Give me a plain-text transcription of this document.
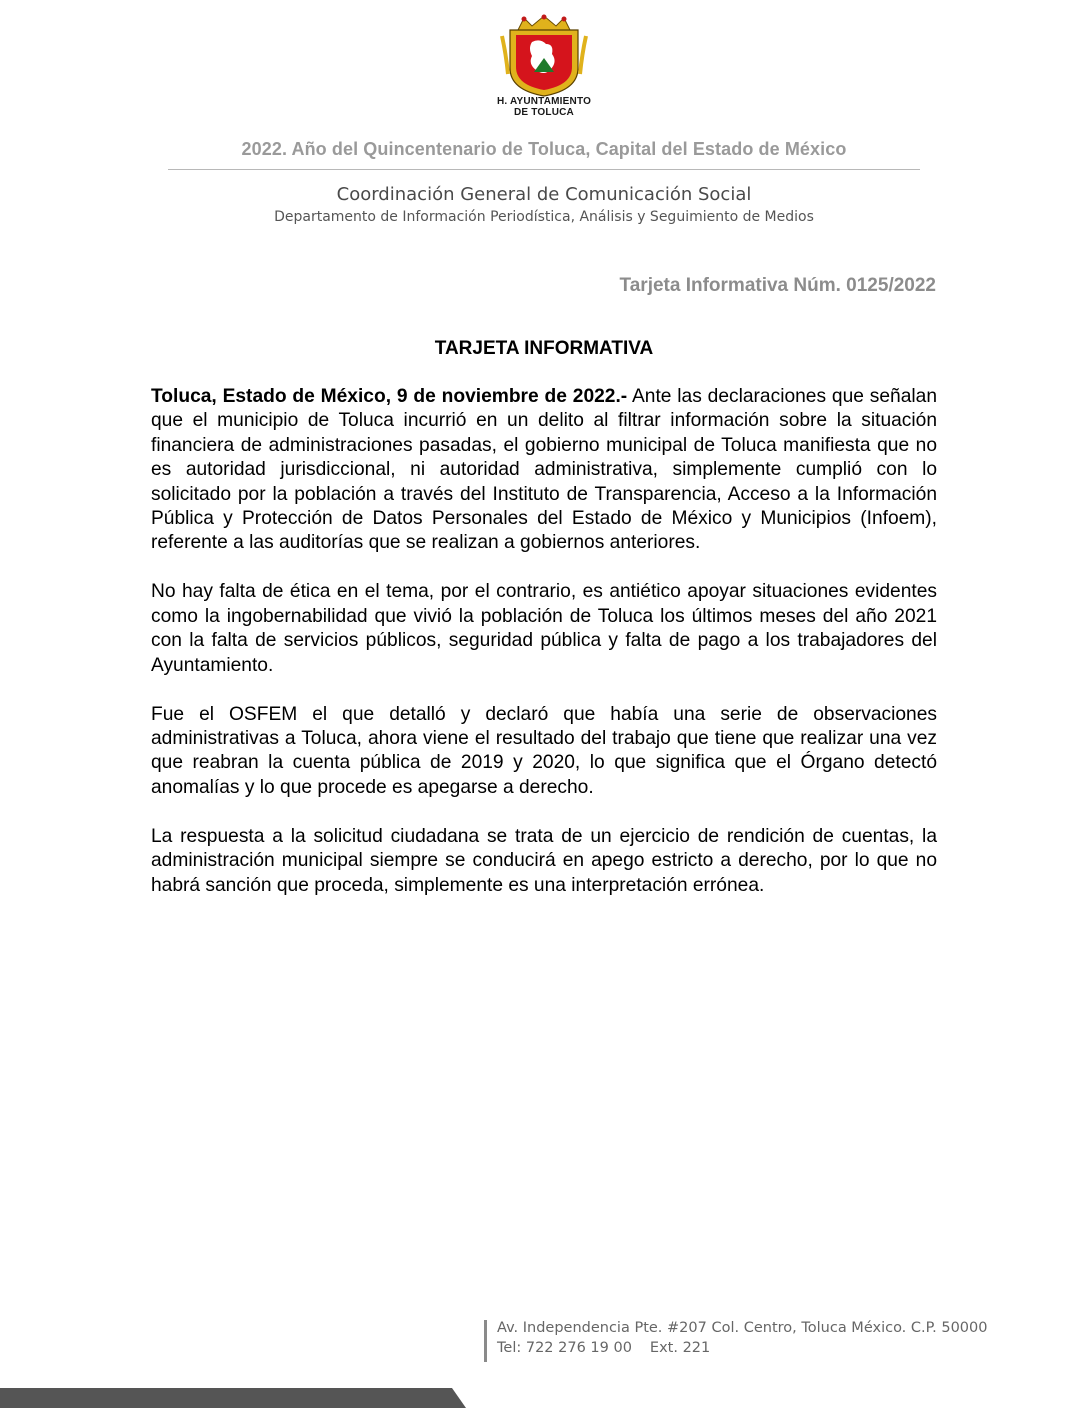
H. AYUNTAMIENTO
DE TOLUCA
2022. Año del Quincentenario de Toluca, Capital del Estado de México
Coordinación General de Comunicación Social
Departamento de Información Periodística, Análisis y Seguimiento de Medios
Tarjeta Informativa Núm. 0125/2022
TARJETA INFORMATIVA

Toluca, Estado de México, 9 de noviembre de 2022.- Ante las declaraciones que señalan que el municipio de Toluca incurrió en un delito al filtrar información sobre la situación financiera de administraciones pasadas, el gobierno municipal de Toluca manifiesta que no es autoridad jurisdiccional, ni autoridad administrativa, simplemente cumplió con lo solicitado por la población a través del Instituto de Transparencia, Acceso a la Información Pública y Protección de Datos Personales del Estado de México y Municipios (Infoem), referente a las auditorías que se realizan a gobiernos anteriores.

No hay falta de ética en el tema, por el contrario, es antiético apoyar situaciones evidentes como la ingobernabilidad que vivió la población de Toluca los últimos meses del año 2021 con la falta de servicios públicos, seguridad pública y falta de pago a los trabajadores del Ayuntamiento.

Fue el OSFEM el que detalló y declaró que había una serie de observaciones administrativas a Toluca, ahora viene el resultado del trabajo que tiene que realizar una vez que reabran la cuenta pública de 2019 y 2020, lo que significa que el Órgano detectó anomalías y lo que procede es apegarse a derecho.

La respuesta a la solicitud ciudadana se trata de un ejercicio de rendición de cuentas, la administración municipal siempre se conducirá en apego estricto a derecho, por lo que no habrá sanción que proceda, simplemente es una interpretación errónea.

Av. Independencia Pte. #207 Col. Centro, Toluca México. C.P. 50000
Tel: 722 276 19 00 Ext. 221
